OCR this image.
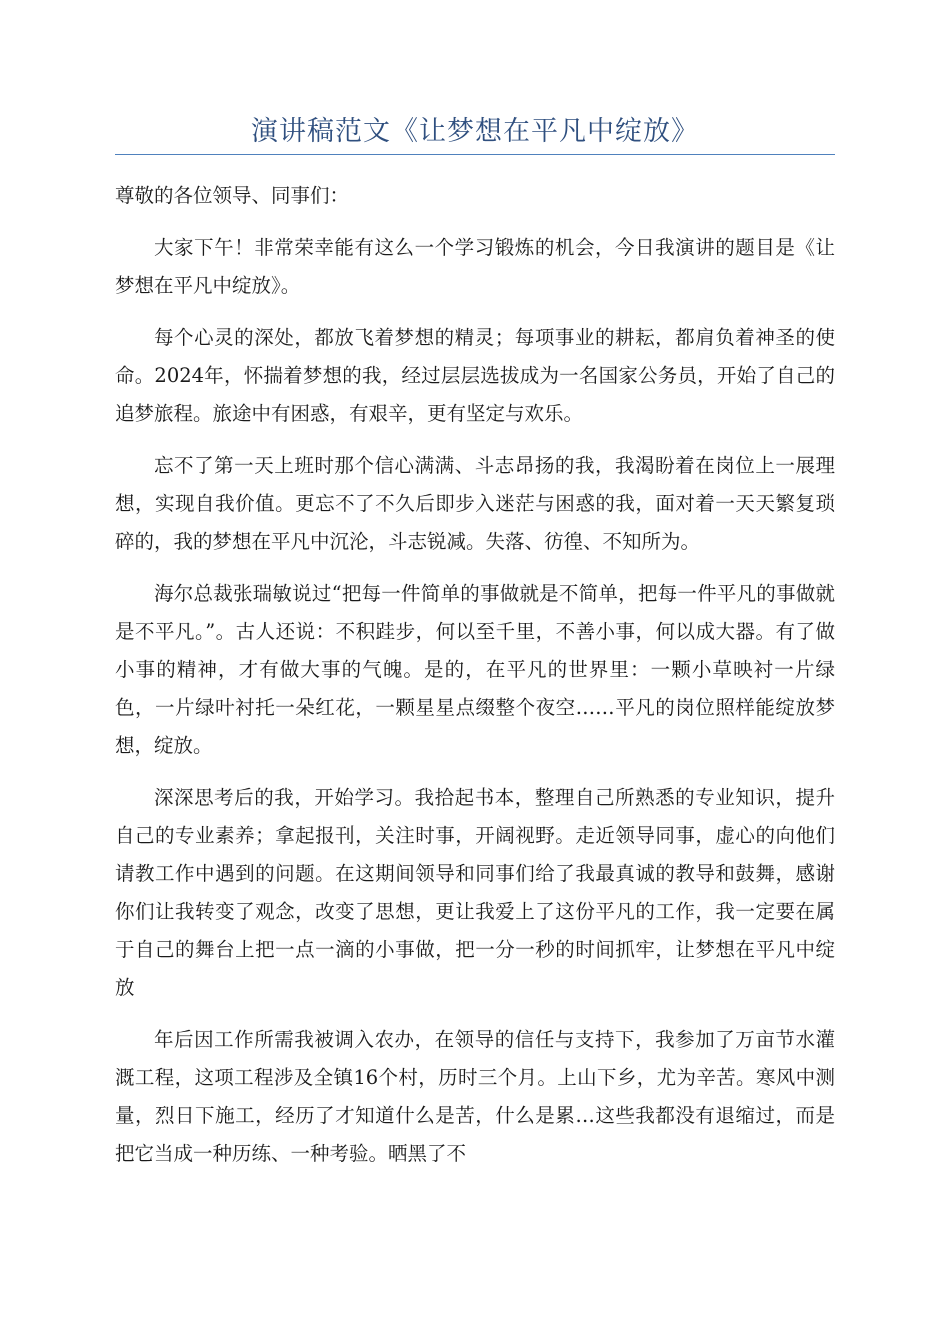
演讲稿范文《让梦想在平凡中绽放》

尊敬的各位领导、同事们：

大家下午！非常荣幸能有这么一个学习锻炼的机会，今日我演讲的题目是《让梦想在平凡中绽放》。

每个心灵的深处，都放飞着梦想的精灵；每项事业的耕耘，都肩负着神圣的使命。2024年，怀揣着梦想的我，经过层层选拔成为一名国家公务员，开始了自己的追梦旅程。旅途中有困惑，有艰辛，更有坚定与欢乐。

忘不了第一天上班时那个信心满满、斗志昂扬的我，我渴盼着在岗位上一展理想，实现自我价值。更忘不了不久后即步入迷茫与困惑的我，面对着一天天繁复琐碎的，我的梦想在平凡中沉沦，斗志锐减。失落、彷徨、不知所为。

海尔总裁张瑞敏说过“把每一件简单的事做就是不简单，把每一件平凡的事做就是不平凡。”。古人还说：不积跬步，何以至千里，不善小事，何以成大器。有了做小事的精神，才有做大事的气魄。是的，在平凡的世界里：一颗小草映衬一片绿色，一片绿叶衬托一朵红花，一颗星星点缀整个夜空……平凡的岗位照样能绽放梦想，绽放。

深深思考后的我，开始学习。我拾起书本，整理自己所熟悉的专业知识，提升自己的专业素养；拿起报刊，关注时事，开阔视野。走近领导同事，虚心的向他们请教工作中遇到的问题。在这期间领导和同事们给了我最真诚的教导和鼓舞，感谢你们让我转变了观念，改变了思想，更让我爱上了这份平凡的工作，我一定要在属于自己的舞台上把一点一滴的小事做，把一分一秒的时间抓牢，让梦想在平凡中绽放

年后因工作所需我被调入农办，在领导的信任与支持下，我参加了万亩节水灌溉工程，这项工程涉及全镇16个村，历时三个月。上山下乡，尤为辛苦。寒风中测量，烈日下施工，经历了才知道什么是苦，什么是累…这些我都没有退缩过，而是把它当成一种历练、一种考验。晒黑了不
